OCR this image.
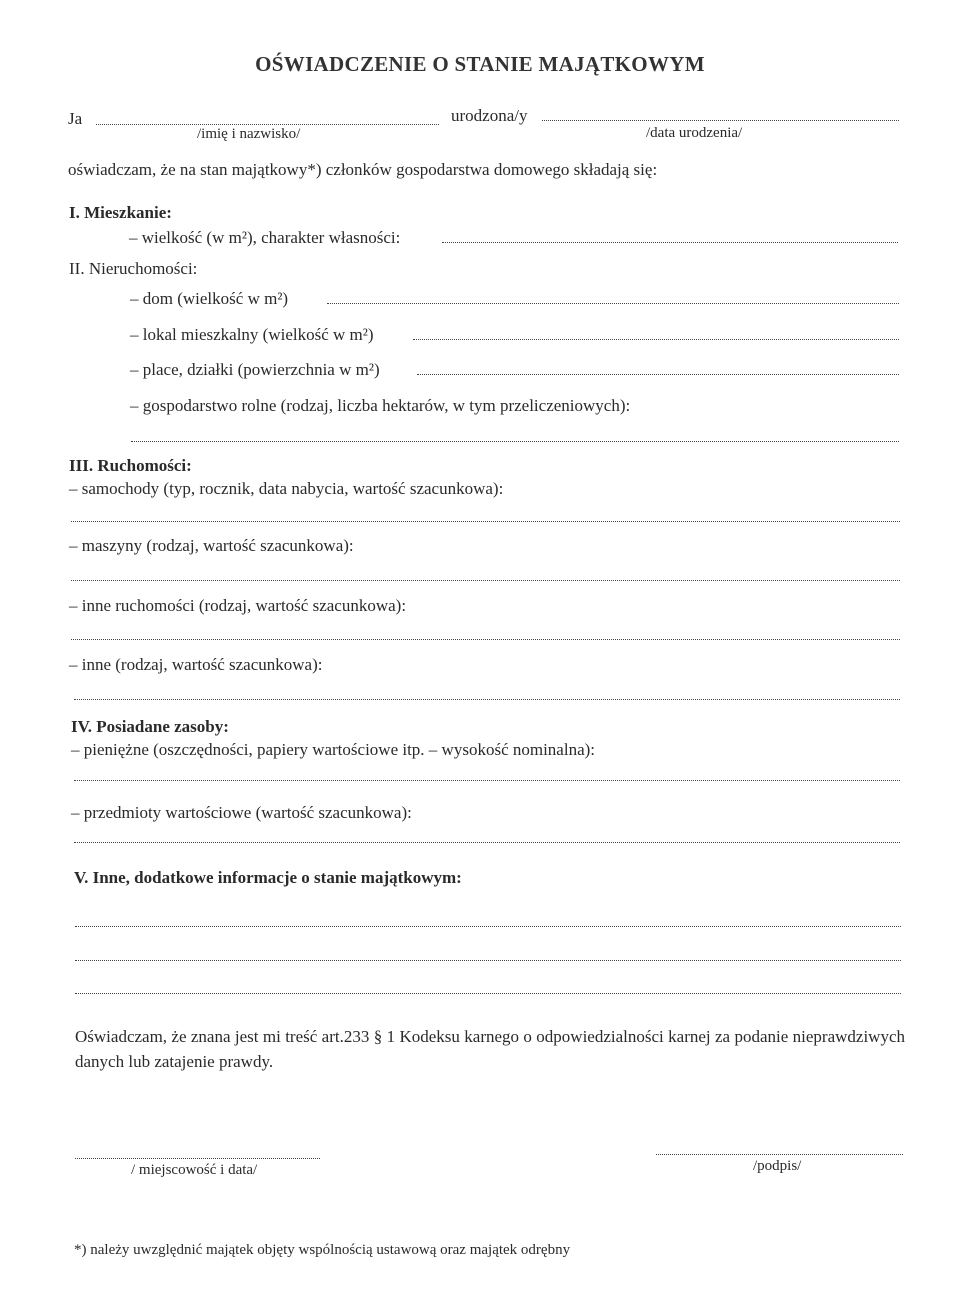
OŚWIADCZENIE O STANIE MAJĄTKOWYM
Ja	urodzona/y
/imię i nazwisko/	/data urodzenia/
oświadczam, że na stan majątkowy*) członków gospodarstwa domowego składają się:
I. Mieszkanie:
– wielkość (w m²), charakter własności:
II. Nieruchomości:
– dom (wielkość w m²)
– lokal mieszkalny (wielkość w m²)
– place, działki (powierzchnia w m²)
– gospodarstwo rolne (rodzaj, liczba hektarów, w tym przeliczeniowych):
III. Ruchomości:
– samochody (typ, rocznik, data nabycia, wartość szacunkowa):
– maszyny (rodzaj, wartość szacunkowa):
– inne ruchomości (rodzaj, wartość szacunkowa):
– inne (rodzaj, wartość szacunkowa):
IV. Posiadane zasoby:
– pieniężne (oszczędności, papiery wartościowe itp. – wysokość nominalna):
– przedmioty wartościowe (wartość szacunkowa):
V. Inne, dodatkowe informacje o stanie majątkowym:
Oświadczam, że znana jest mi treść art.233 § 1 Kodeksu karnego o odpowiedzialności karnej za podanie nieprawdziwych danych lub zatajenie prawdy.
/ miejscowość i data/	/podpis/
*) należy uwzględnić majątek objęty wspólnością ustawową oraz majątek odrębny
